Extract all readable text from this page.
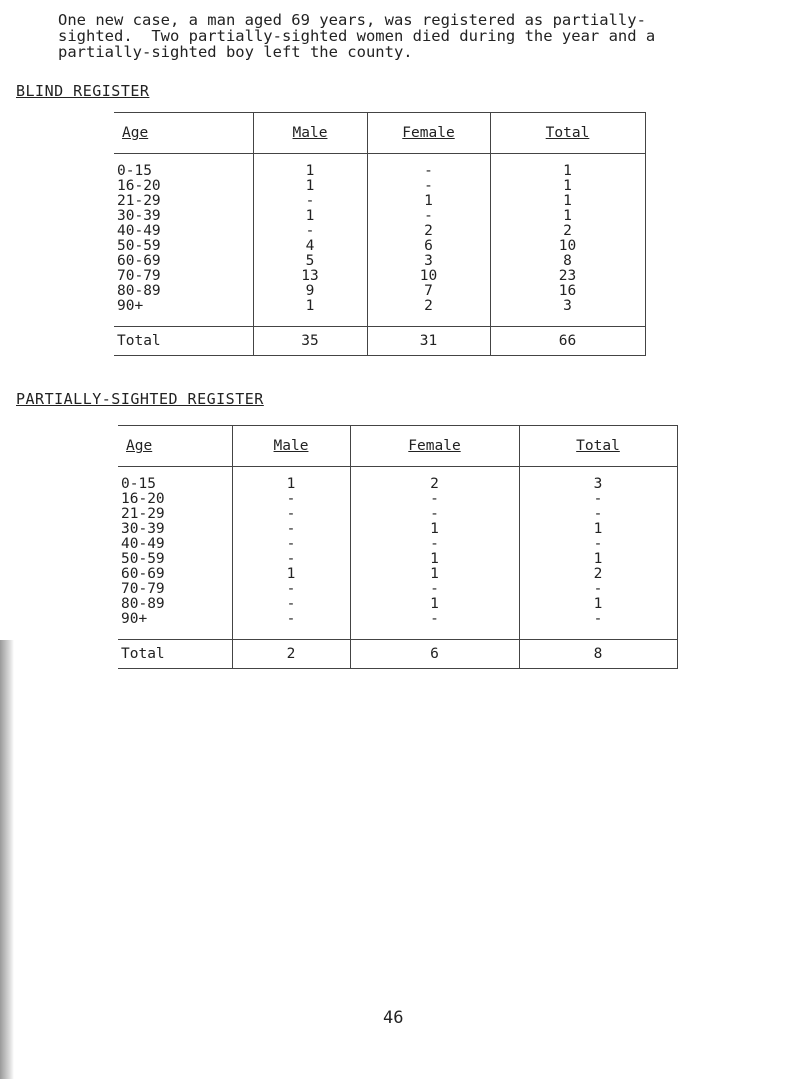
One new case, a man aged 69 years, was registered as partially-
sighted.  Two partially-sighted women died during the year and a
partially-sighted boy left the county.
BLIND REGISTER
Age	Male	Female	Total
0-15	1	-	1
16-20	1	-	1
21-29	-	1	1
30-39	1	-	1
40-49	-	2	2
50-59	4	6	10
60-69	5	3	8
70-79	13	10	23
80-89	9	7	16
90+	1	2	3
Total	35	31	66
PARTIALLY-SIGHTED REGISTER
Age	Male	Female	Total
0-15	1	2	3
16-20	-	-	-
21-29	-	-	-
30-39	-	1	1
40-49	-	-	-
50-59	-	1	1
60-69	1	1	2
70-79	-	-	-
80-89	-	1	1
90+	-	-	-
Total	2	6	8
46
